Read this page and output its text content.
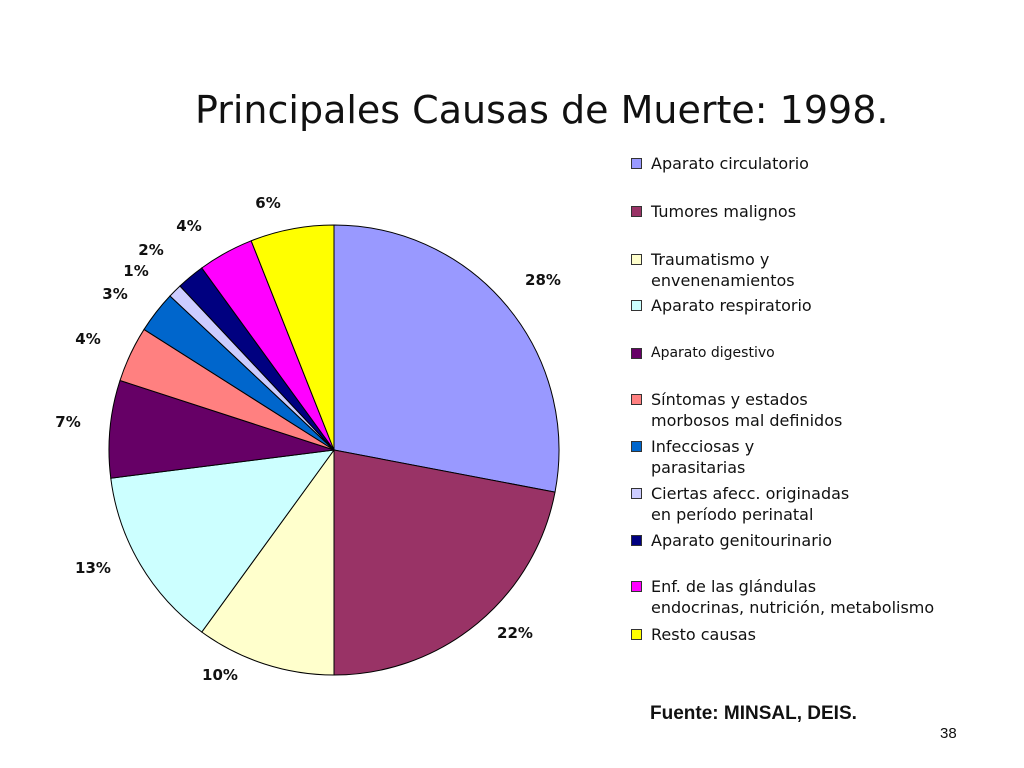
Principales Causas de Muerte: 1998.
28%
22%
10%
13%
7%
4%
3%
1%
2%
4%
6%
Aparato circulatorio
Tumores malignos
Traumatismo y
envenenamientos
Aparato respiratorio
Aparato digestivo
Síntomas y estados
morbosos mal definidos
Infecciosas y
parasitarias
Ciertas afecc. originadas
en período perinatal
Aparato genitourinario
Enf. de las glándulas
endocrinas, nutrición, metabolismo
Resto causas
Fuente: MINSAL, DEIS.
38
